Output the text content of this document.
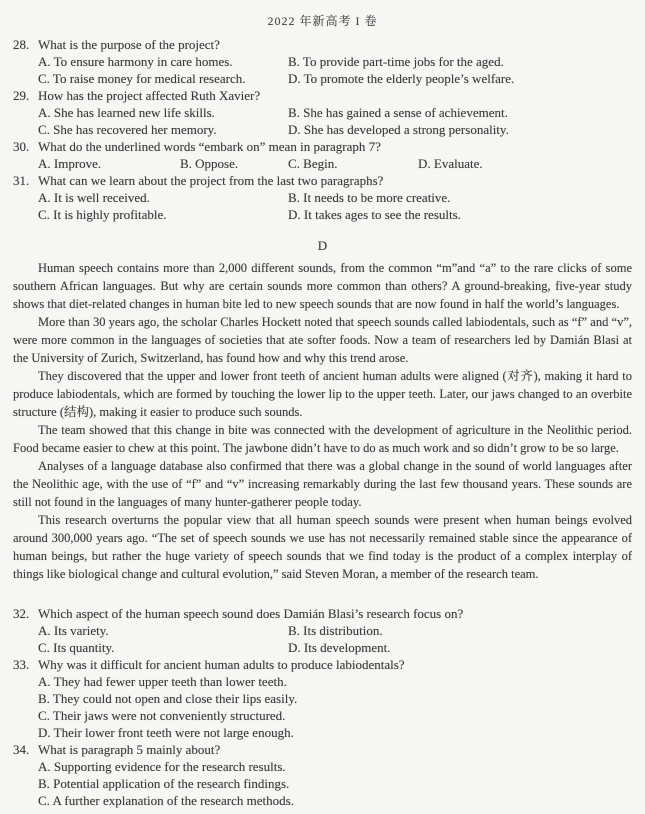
2022 年新高考 I 卷
28. What is the purpose of the project?
A. To ensure harmony in care homes.	B. To provide part-time jobs for the aged.
C. To raise money for medical research.	D. To promote the elderly people’s welfare.
29. How has the project affected Ruth Xavier?
A. She has learned new life skills.	B. She has gained a sense of achievement.
C. She has recovered her memory.	D. She has developed a strong personality.
30. What do the underlined words “embark on” mean in paragraph 7?
A. Improve.	B. Oppose.	C. Begin.	D. Evaluate.
31. What can we learn about the project from the last two paragraphs?
A. It is well received.	B. It needs to be more creative.
C. It is highly profitable.	D. It takes ages to see the results.
D

Human speech contains more than 2,000 different sounds, from the common “m”and “a” to the rare clicks of some southern African languages. But why are certain sounds more common than others? A ground-breaking, five-year study shows that diet-related changes in human bite led to new speech sounds that are now found in half the world’s languages.

More than 30 years ago, the scholar Charles Hockett noted that speech sounds called labiodentals, such as “f” and “v”, were more common in the languages of societies that ate softer foods. Now a team of researchers led by Damián Blasi at the University of Zurich, Switzerland, has found how and why this trend arose.

They discovered that the upper and lower front teeth of ancient human adults were aligned (对齐), making it hard to produce labiodentals, which are formed by touching the lower lip to the upper teeth. Later, our jaws changed to an overbite structure (结构), making it easier to produce such sounds.

The team showed that this change in bite was connected with the development of agriculture in the Neolithic period. Food became easier to chew at this point. The jawbone didn’t have to do as much work and so didn’t grow to be so large.

Analyses of a language database also confirmed that there was a global change in the sound of world languages after the Neolithic age, with the use of “f” and “v” increasing remarkably during the last few thousand years. These sounds are still not found in the languages of many hunter-gatherer people today.

This research overturns the popular view that all human speech sounds were present when human beings evolved around 300,000 years ago. “The set of speech sounds we use has not necessarily remained stable since the appearance of human beings, but rather the huge variety of speech sounds that we find today is the product of a complex interplay of things like biological change and cultural evolution,” said Steven Moran, a member of the research team.

32. Which aspect of the human speech sound does Damián Blasi’s research focus on?
A. Its variety.	B. Its distribution.
C. Its quantity.	D. Its development.
33. Why was it difficult for ancient human adults to produce labiodentals?
A. They had fewer upper teeth than lower teeth.
B. They could not open and close their lips easily.
C. Their jaws were not conveniently structured.
D. Their lower front teeth were not large enough.
34. What is paragraph 5 mainly about?
A. Supporting evidence for the research results.
B. Potential application of the research findings.
C. A further explanation of the research methods.
